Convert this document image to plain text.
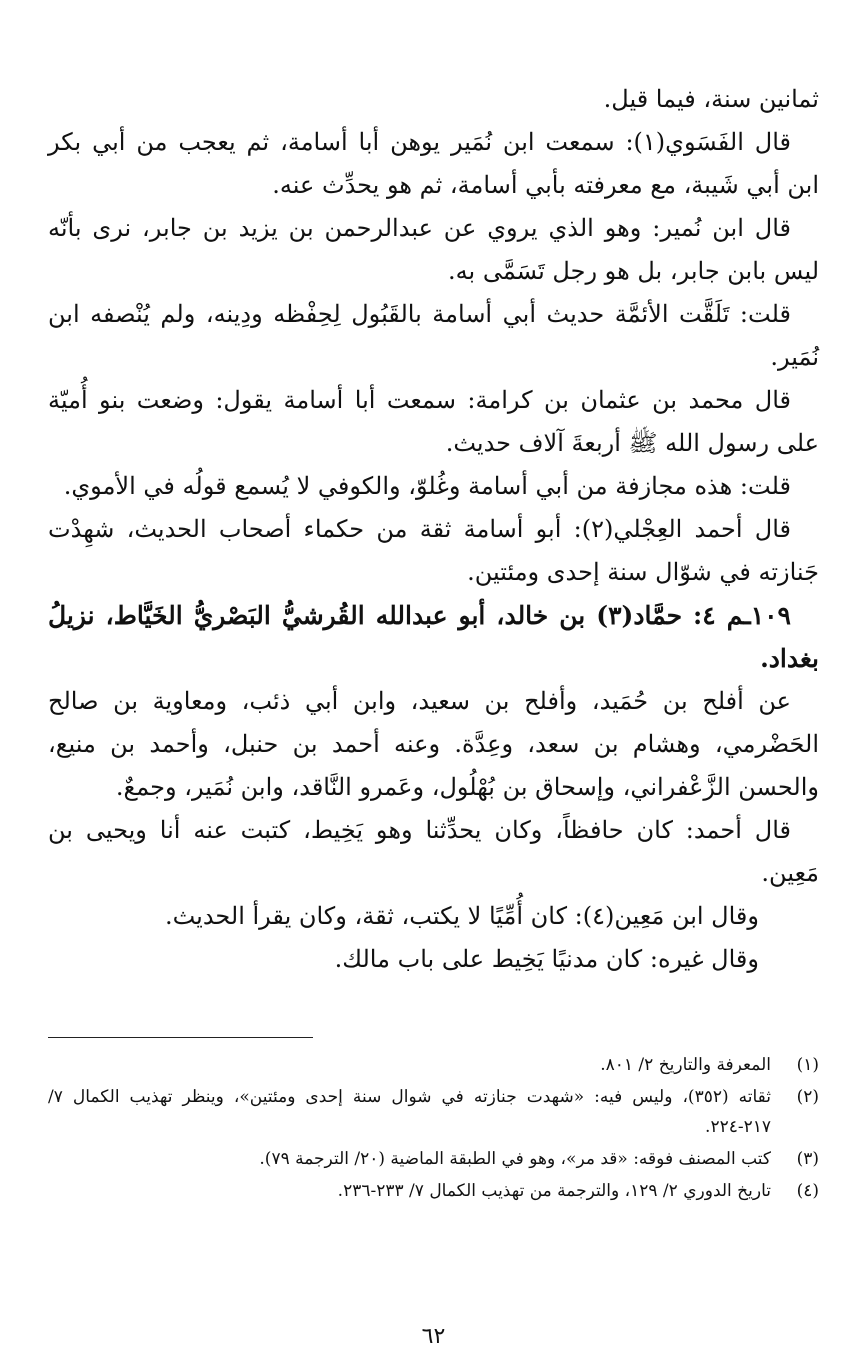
ثمانين سنة، فيما قيل.

قال الفَسَوي(١): سمعت ابن نُمَير يوهن أبا أسامة، ثم يعجب من أبي بكر ابن أبي شَيبة، مع معرفته بأبي أسامة، ثم هو يحدِّث عنه.

قال ابن نُمير: وهو الذي يروي عن عبدالرحمن بن يزيد بن جابر، نرى بأنّه ليس بابن جابر، بل هو رجل تَسَمَّى به.

قلت: تَلَقَّت الأئمَّة حديث أبي أسامة بالقَبُول لِحِفْظه ودِينه، ولم يُنْصفه ابن نُمَير.

قال محمد بن عثمان بن كرامة: سمعت أبا أسامة يقول: وضعت بنو أُميّة على رسول الله ﷺ أربعةَ آلاف حديث.

قلت: هذه مجازفة من أبي أسامة وغُلوّ، والكوفي لا يُسمع قولُه في الأموي.

قال أحمد العِجْلي(٢): أبو أسامة ثقة من حكماء أصحاب الحديث، شهِدْت جَنازته في شوّال سنة إحدى ومئتين.

١٠٩ـم ٤: حمَّاد(٣) بن خالد، أبو عبدالله القُرشيُّ البَصْريُّ الخَيَّاط، نزيلُ بغداد.

عن أفلح بن حُمَيد، وأفلح بن سعيد، وابن أبي ذئب، ومعاوية بن صالح الحَضْرمي، وهشام بن سعد، وعِدَّة. وعنه أحمد بن حنبل، وأحمد بن منيع، والحسن الزَّعْفراني، وإسحاق بن بُهْلُول، وعَمرو النَّاقد، وابن نُمَير، وجمعٌ.

قال أحمد: كان حافظاً، وكان يحدِّثنا وهو يَخِيط، كتبت عنه أنا ويحيى بن مَعِين.

وقال ابن مَعِين(٤): كان أُمِّيًا لا يكتب، ثقة، وكان يقرأ الحديث.

وقال غيره: كان مدنيًا يَخِيط على باب مالك.

(١)
المعرفة والتاريخ ٢/ ٨٠١.
(٢)
ثقاته (٣٥٢)، وليس فيه: «شهدت جنازته في شوال سنة إحدى ومئتين»، وينظر تهذيب الكمال ٧/ ٢١٧-٢٢٤.
(٣)
كتب المصنف فوقه: «قد مر»، وهو في الطبقة الماضية (٢٠/ الترجمة ٧٩).
(٤)
تاريخ الدوري ٢/ ١٢٩، والترجمة من تهذيب الكمال ٧/ ٢٣٣-٢٣٦.
٦٢
